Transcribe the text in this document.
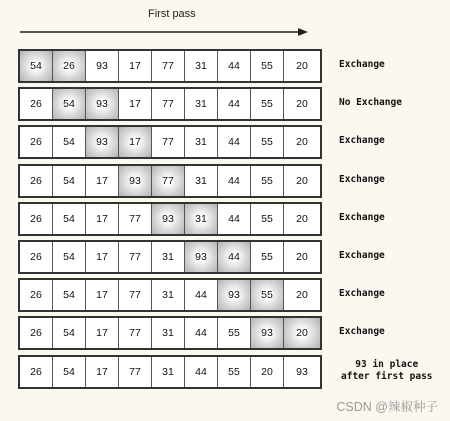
First pass
54	26	93	17	77	31	44	55	20	Exchange
26	54	93	17	77	31	44	55	20	No Exchange
26	54	93	17	77	31	44	55	20	Exchange
26	54	17	93	77	31	44	55	20	Exchange
26	54	17	77	93	31	44	55	20	Exchange
26	54	17	77	31	93	44	55	20	Exchange
26	54	17	77	31	44	93	55	20	Exchange
26	54	17	77	31	44	55	93	20	Exchange
26	54	17	77	31	44	55	20	93
93 in place
after first pass
CSDN @辣椒种子
